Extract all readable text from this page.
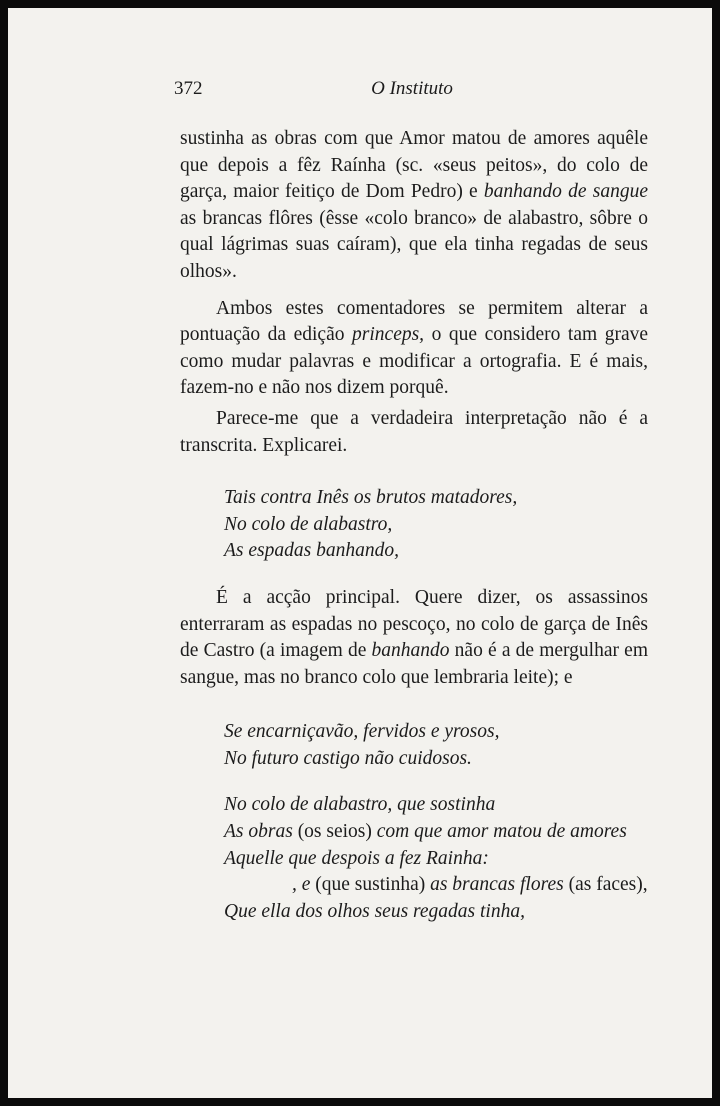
372	O Instituto

sustinha as obras com que Amor matou de amores aquêle que depois a fêz Raínha (sc. «seus peitos», do colo de garça, maior feitiço de Dom Pedro) e banhando de sangue as brancas flôres (êsse «colo branco» de alabastro, sôbre o qual lágrimas suas caíram), que ela tinha regadas de seus olhos».

Ambos estes comentadores se permitem alterar a pontuação da edição princeps, o que considero tam grave como mudar palavras e modificar a ortografia. E é mais, fazem-no e não nos dizem porquê.

Parece-me que a verdadeira interpretação não é a transcrita. Explicarei.

Tais contra Inês os brutos matadores,
No colo de alabastro,
As espadas banhando,

É a acção principal. Quere dizer, os assassinos enterraram as espadas no pescoço, no colo de garça de Inês de Castro (a imagem de banhando não é a de mergulhar em sangue, mas no branco colo que lembraria leite); e

Se encarniçavão, fervidos e yrosos,
No futuro castigo não cuidosos.
No colo de alabastro, que sostinha
As obras (os seios) com que amor matou de amores
Aquelle que despois a fez Rainha:
, e (que sustinha) as brancas flores (as faces),
Que ella dos olhos seus regadas tinha,
